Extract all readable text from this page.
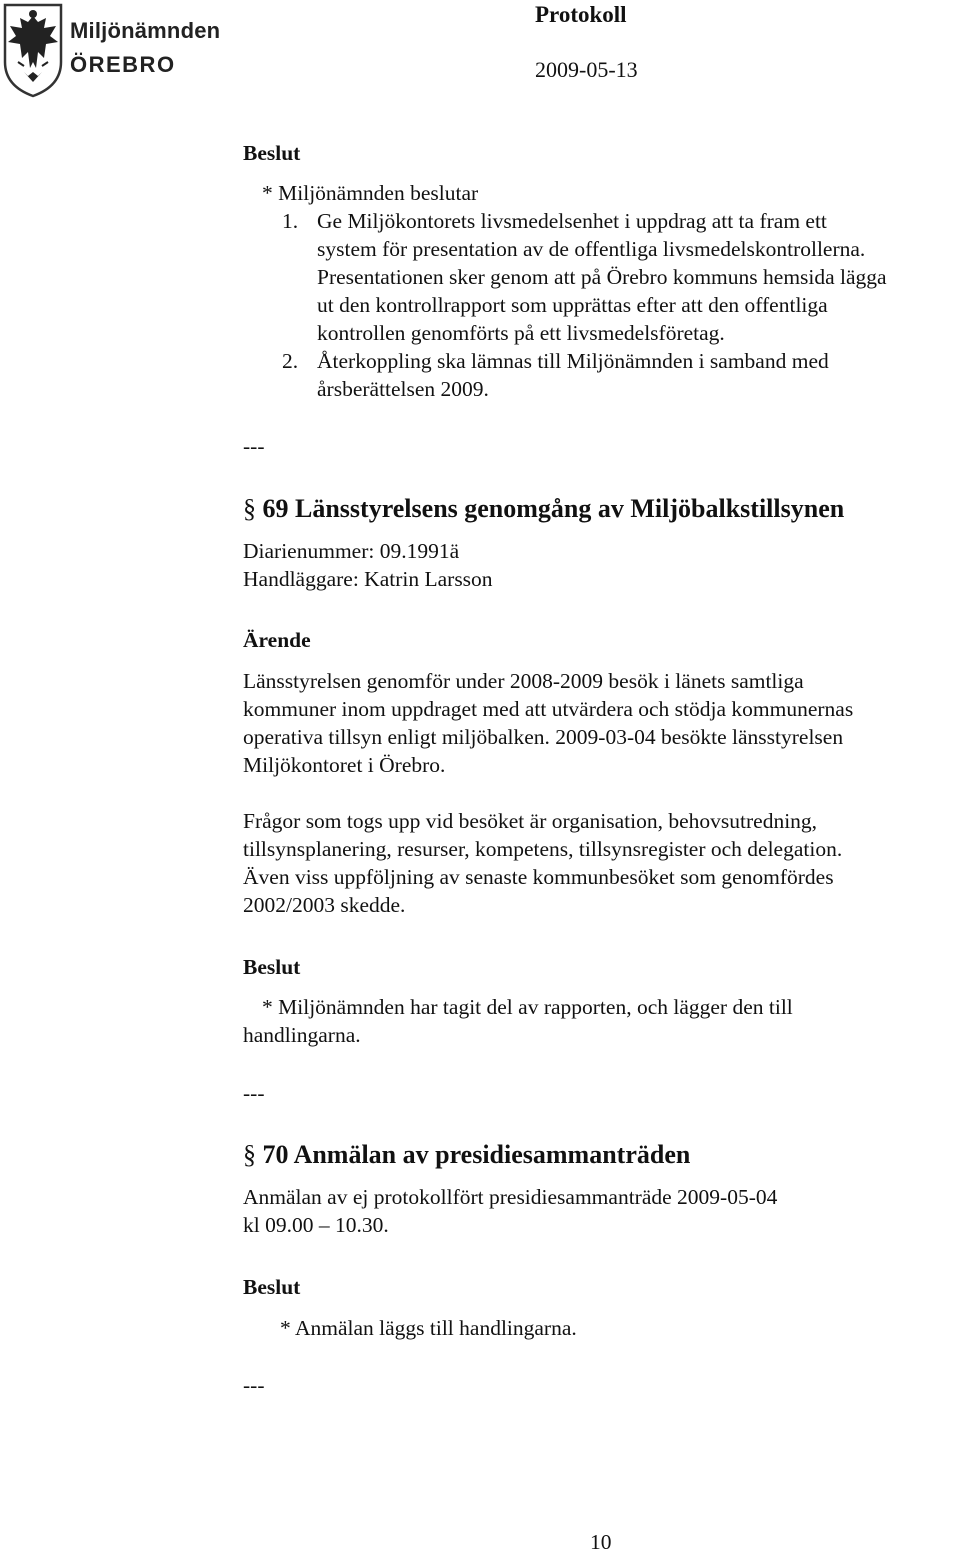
Miljönämnden
ÖREBRO
Protokoll
2009-05-13
Beslut
* Miljönämnden beslutar
1. Ge Miljökontorets livsmedelsenhet i uppdrag att ta fram ett
system för presentation av de offentliga livsmedelskontrollerna.
Presentationen sker genom att på Örebro kommuns hemsida lägga
ut den kontrollrapport som upprättas efter att den offentliga
kontrollen genomförts på ett livsmedelsföretag.
2. Återkoppling ska lämnas till Miljönämnden i samband med
årsberättelsen 2009.
---
§ 69 Länsstyrelsens genomgång av Miljöbalkstillsynen
Diarienummer: 09.1991ä
Handläggare: Katrin Larsson
Ärende
Länsstyrelsen genomför under 2008-2009 besök i länets samtliga
kommuner inom uppdraget med att utvärdera och stödja kommunernas
operativa tillsyn enligt miljöbalken. 2009-03-04 besökte länsstyrelsen
Miljökontoret i Örebro.
Frågor som togs upp vid besöket är organisation, behovsutredning,
tillsynsplanering, resurser, kompetens, tillsynsregister och delegation.
Även viss uppföljning av senaste kommunbesöket som genomfördes
2002/2003 skedde.
Beslut
* Miljönämnden har tagit del av rapporten, och lägger den till
handlingarna.
---
§ 70 Anmälan av presidiesammanträden
Anmälan av ej protokollfört presidiesammanträde 2009-05-04
kl 09.00 – 10.30.
Beslut
* Anmälan läggs till handlingarna.
---
10
